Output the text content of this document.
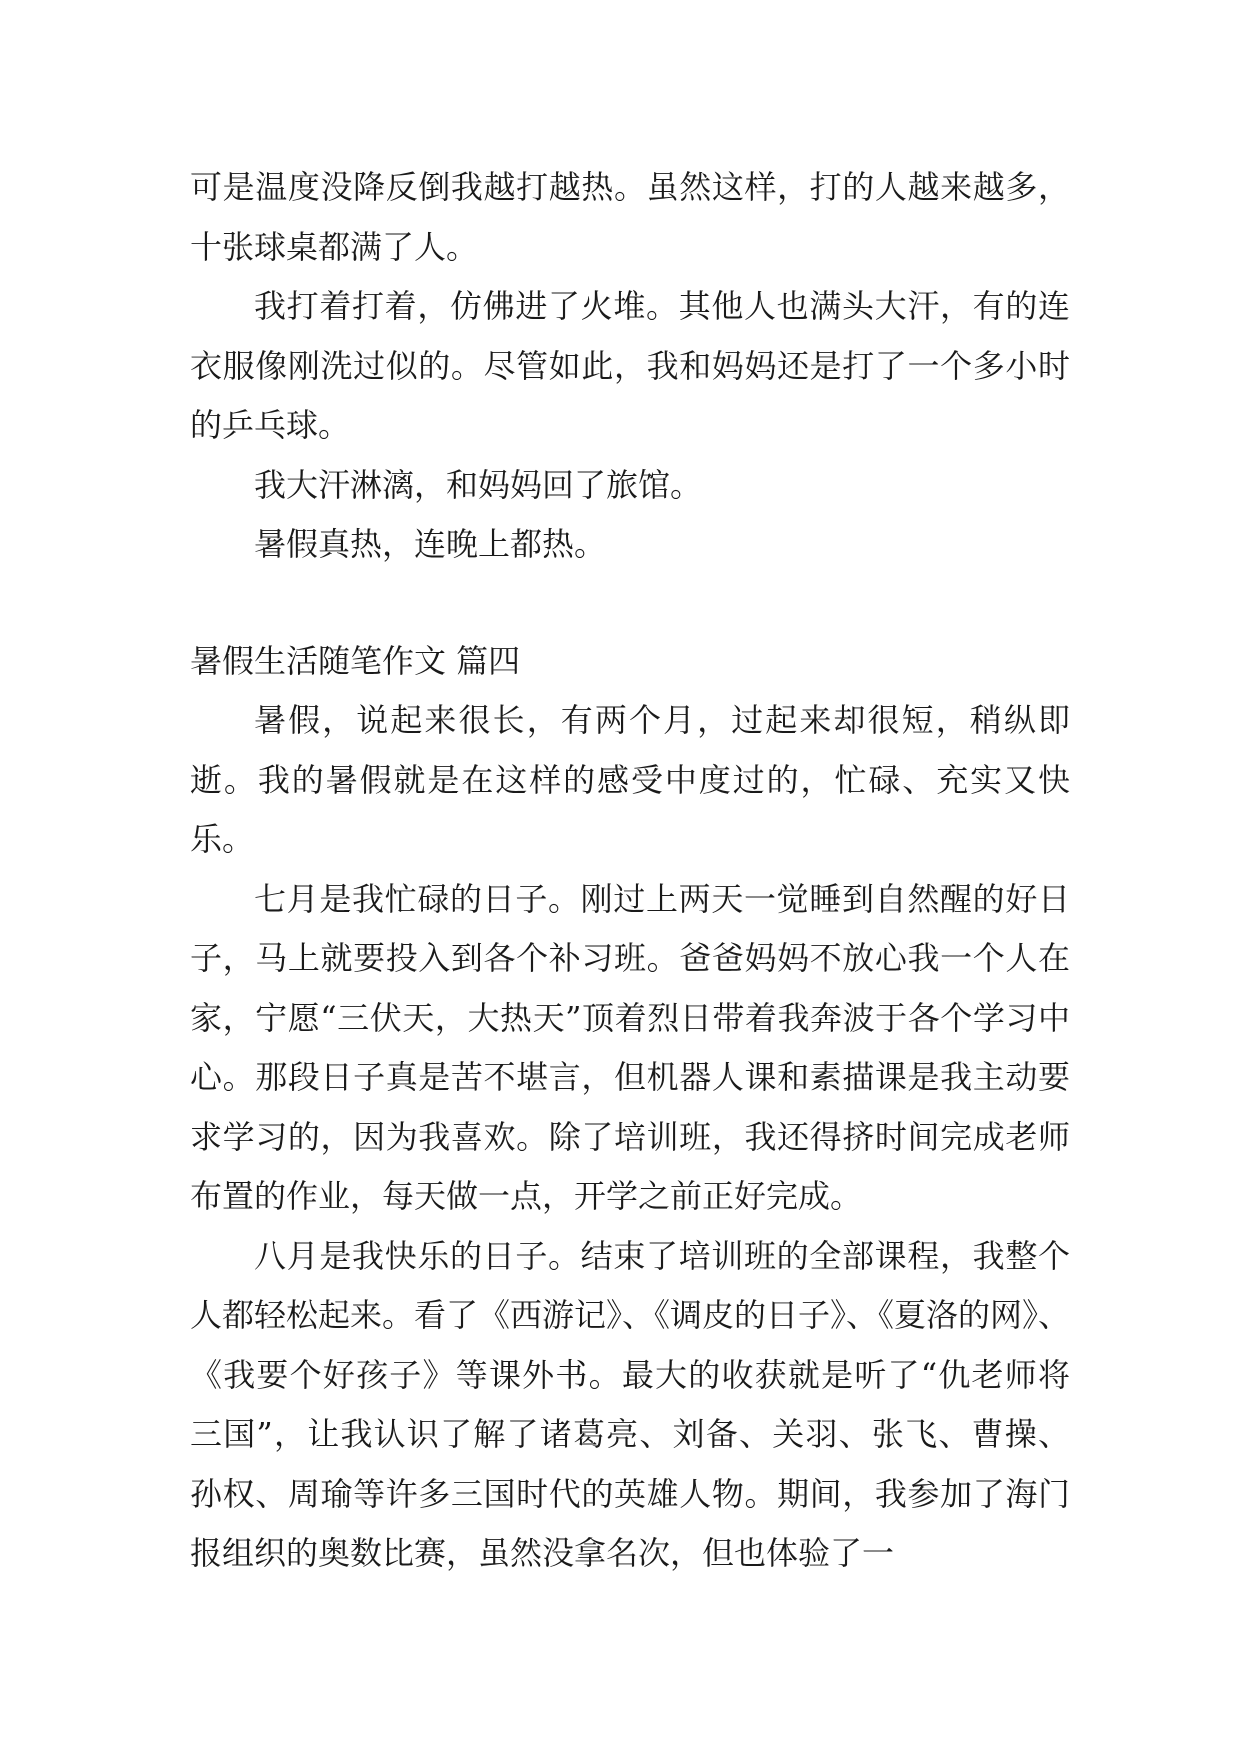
可是温度没降反倒我越打越热。虽然这样，打的人越来越多，十张球桌都满了人。

我打着打着，仿佛进了火堆。其他人也满头大汗，有的连衣服像刚洗过似的。尽管如此，我和妈妈还是打了一个多小时的乒乓球。

我大汗淋漓，和妈妈回了旅馆。

暑假真热，连晚上都热。

暑假生活随笔作文 篇四

暑假，说起来很长，有两个月，过起来却很短，稍纵即逝。我的暑假就是在这样的感受中度过的，忙碌、充实又快乐。

七月是我忙碌的日子。刚过上两天一觉睡到自然醒的好日子，马上就要投入到各个补习班。爸爸妈妈不放心我一个人在家，宁愿“三伏天，大热天”顶着烈日带着我奔波于各个学习中心。那段日子真是苦不堪言，但机器人课和素描课是我主动要求学习的，因为我喜欢。除了培训班，我还得挤时间完成老师布置的作业，每天做一点，开学之前正好完成。

八月是我快乐的日子。结束了培训班的全部课程，我整个人都轻松起来。看了《西游记》、《调皮的日子》、《夏洛的网》、《我要个好孩子》等课外书。最大的收获就是听了“仇老师将三国”，让我认识了解了诸葛亮、刘备、关羽、张飞、曹操、孙权、周瑜等许多三国时代的英雄人物。期间，我参加了海门报组织的奥数比赛，虽然没拿名次，但也体验了一
